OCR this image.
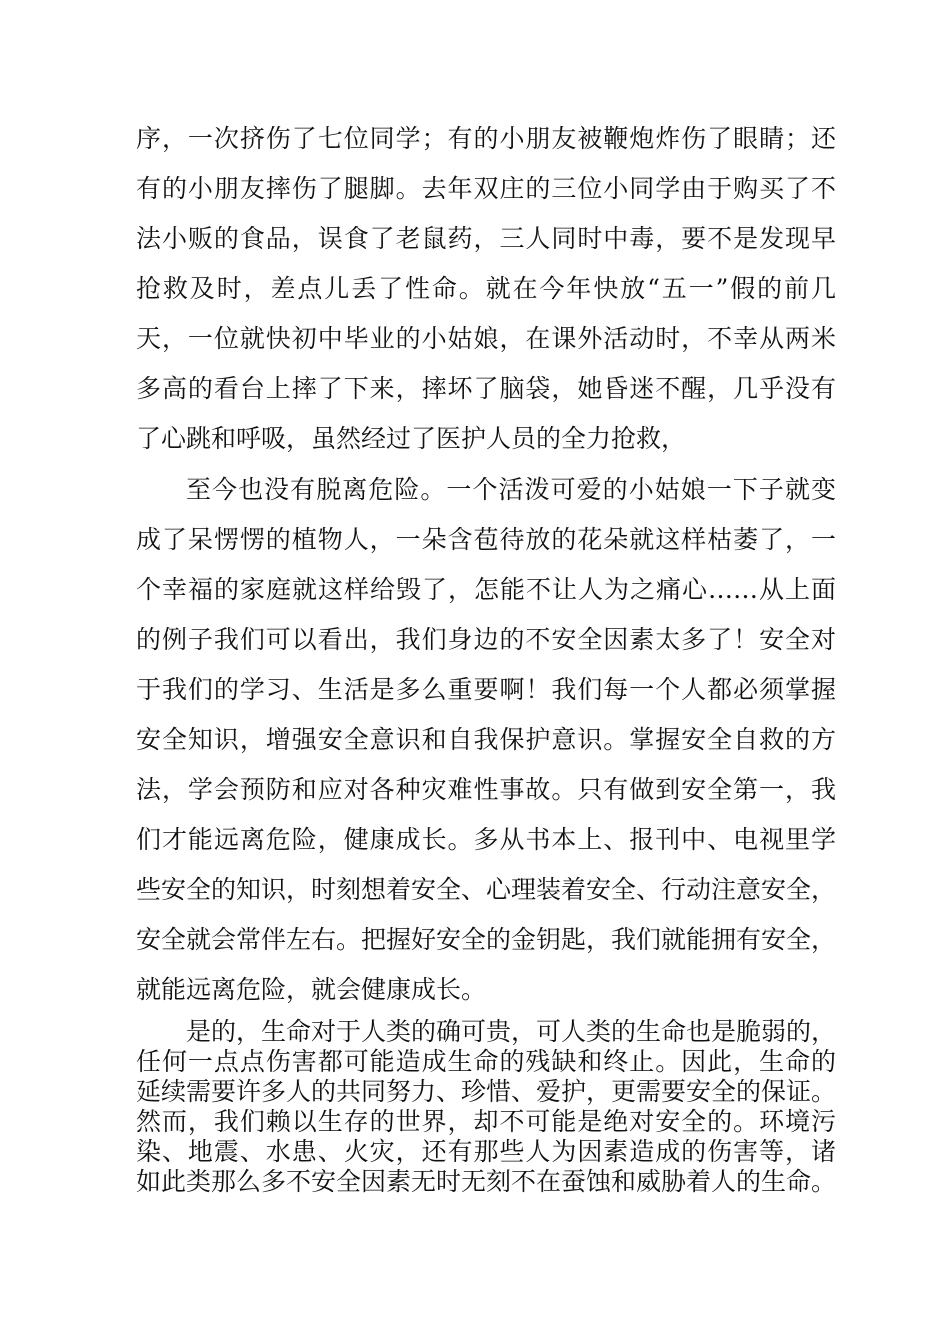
序，一次挤伤了七位同学；有的小朋友被鞭炮炸伤了眼睛；还
有的小朋友摔伤了腿脚。去年双庄的三位小同学由于购买了不
法小贩的食品，误食了老鼠药，三人同时中毒，要不是发现早
抢救及时，差点儿丢了性命。就在今年快放“五一”假的前几
天，一位就快初中毕业的小姑娘，在课外活动时，不幸从两米
多高的看台上摔了下来，摔坏了脑袋，她昏迷不醒，几乎没有
了心跳和呼吸，虽然经过了医护人员的全力抢救，
至今也没有脱离危险。一个活泼可爱的小姑娘一下子就变
成了呆愣愣的植物人，一朵含苞待放的花朵就这样枯萎了，一
个幸福的家庭就这样给毁了，怎能不让人为之痛心……从上面
的例子我们可以看出，我们身边的不安全因素太多了！安全对
于我们的学习、生活是多么重要啊！我们每一个人都必须掌握
安全知识，增强安全意识和自我保护意识。掌握安全自救的方
法，学会预防和应对各种灾难性事故。只有做到安全第一，我
们才能远离危险，健康成长。多从书本上、报刊中、电视里学
些安全的知识，时刻想着安全、心理装着安全、行动注意安全，
安全就会常伴左右。把握好安全的金钥匙，我们就能拥有安全，
就能远离危险，就会健康成长。
是的，生命对于人类的确可贵，可人类的生命也是脆弱的，
任何一点点伤害都可能造成生命的残缺和终止。因此，生命的
延续需要许多人的共同努力、珍惜、爱护，更需要安全的保证。
然而，我们赖以生存的世界，却不可能是绝对安全的。环境污
染、地震、水患、火灾，还有那些人为因素造成的伤害等，诸
如此类那么多不安全因素无时无刻不在蚕蚀和威胁着人的生命。
